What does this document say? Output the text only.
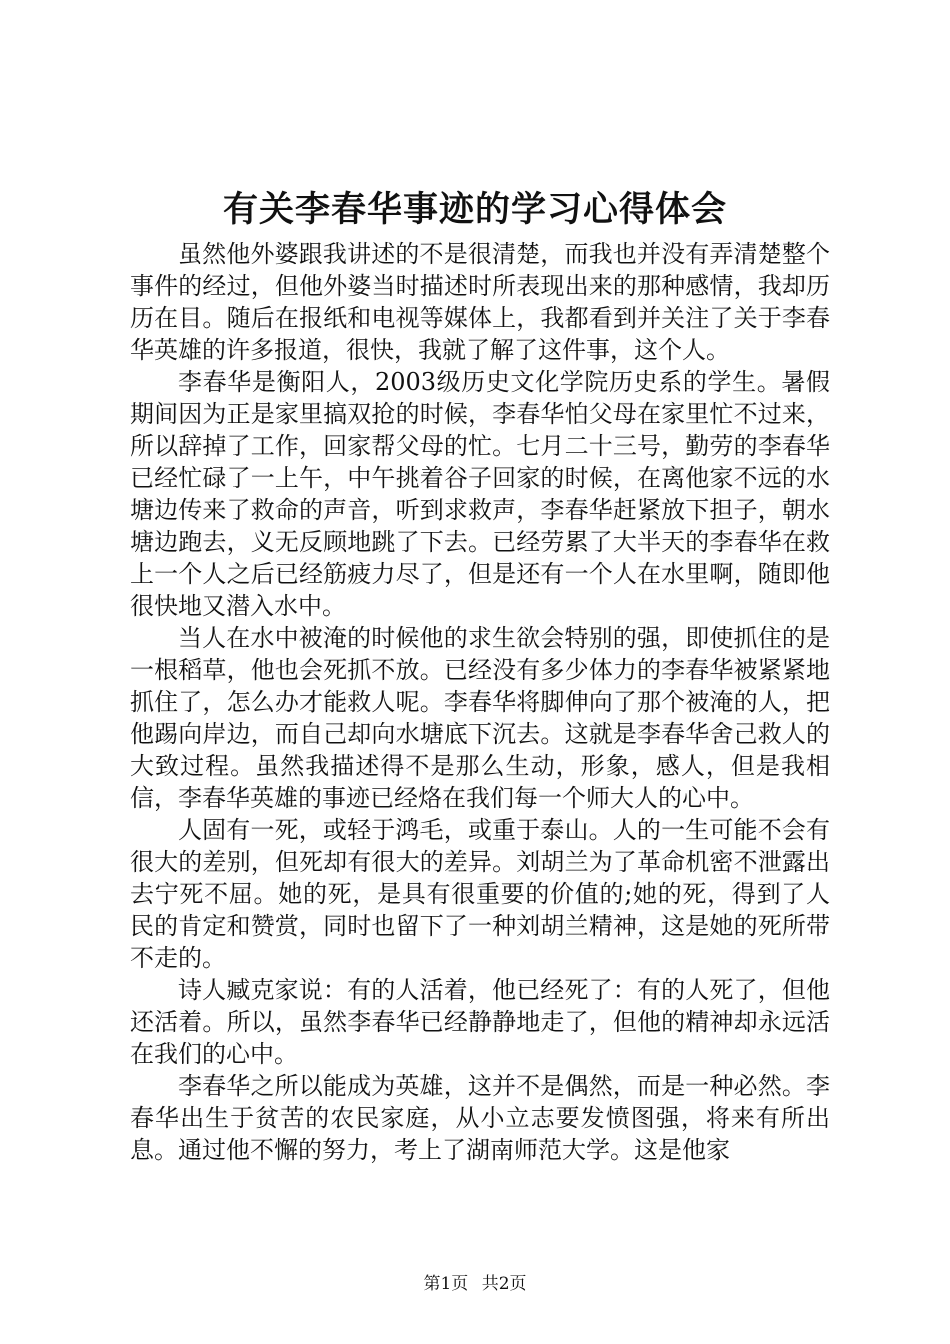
有关李春华事迹的学习心得体会

虽然他外婆跟我讲述的不是很清楚，而我也并没有弄清楚整个事件的经过，但他外婆当时描述时所表现出来的那种感情，我却历历在目。随后在报纸和电视等媒体上，我都看到并关注了关于李春华英雄的许多报道，很快，我就了解了这件事，这个人。

李春华是衡阳人，2003级历史文化学院历史系的学生。暑假期间因为正是家里搞双抢的时候，李春华怕父母在家里忙不过来，所以辞掉了工作，回家帮父母的忙。七月二十三号，勤劳的李春华已经忙碌了一上午，中午挑着谷子回家的时候，在离他家不远的水塘边传来了救命的声音，听到求救声，李春华赶紧放下担子，朝水塘边跑去，义无反顾地跳了下去。已经劳累了大半天的李春华在救上一个人之后已经筋疲力尽了，但是还有一个人在水里啊，随即他很快地又潜入水中。

当人在水中被淹的时候他的求生欲会特别的强，即使抓住的是一根稻草，他也会死抓不放。已经没有多少体力的李春华被紧紧地抓住了，怎么办才能救人呢。李春华将脚伸向了那个被淹的人，把他踢向岸边，而自己却向水塘底下沉去。这就是李春华舍己救人的大致过程。虽然我描述得不是那么生动，形象，感人，但是我相信，李春华英雄的事迹已经烙在我们每一个师大人的心中。

人固有一死，或轻于鸿毛，或重于泰山。人的一生可能不会有很大的差别，但死却有很大的差异。刘胡兰为了革命机密不泄露出去宁死不屈。她的死，是具有很重要的价值的;她的死，得到了人民的肯定和赞赏，同时也留下了一种刘胡兰精神，这是她的死所带不走的。

诗人臧克家说：有的人活着，他已经死了：有的人死了，但他还活着。所以，虽然李春华已经静静地走了，但他的精神却永远活在我们的心中。

李春华之所以能成为英雄，这并不是偶然，而是一种必然。李春华出生于贫苦的农民家庭，从小立志要发愤图强，将来有所出息。通过他不懈的努力，考上了湖南师范大学。这是他家

第1页 共2页
